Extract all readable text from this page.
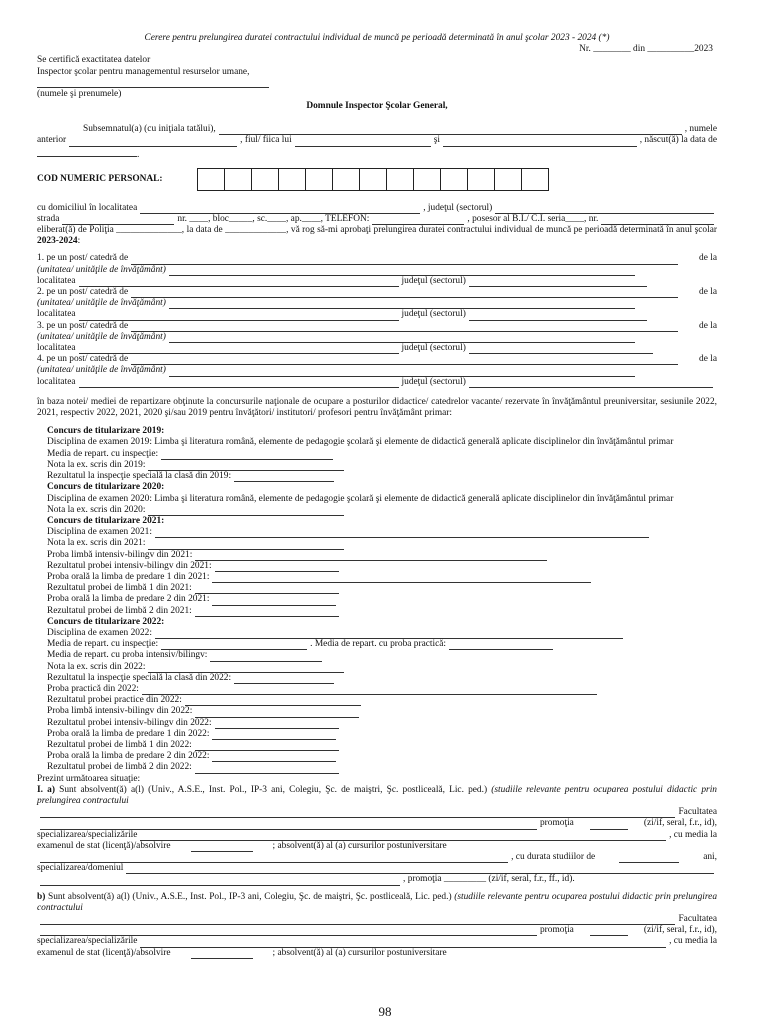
Cerere pentru prelungirea duratei contractului individual de muncă pe perioadă determinată în anul şcolar 2023 - 2024 (*)
Nr. ________ din __________2023
Se certifică exactitatea datelor
Inspector şcolar pentru managementul resurselor umane,
(numele şi prenumele)
Domnule Inspector Şcolar General,
Subsemnatul(a) (cu iniţiala tatălui),	, numele
anterior	, fiul/ fiica lui	şi	, născut(ă) la data de
.
COD NUMERIC PERSONAL:
cu domiciliul în localitatea	, judeţul (sectorul)
strada	nr. ____, bloc_____, sc.____, ap.____, TELEFON:	, posesor al B.I./ C.I. seria____, nr.
eliberat(ă) de Poliţia ______________, la data de _____________, vă rog să-mi aprobaţi prelungirea duratei contractului individual de muncă pe perioadă determinată în anul şcolar 2023-2024:
1. pe un post/ catedră de	de la
(unitatea/ unităţile de învăţământ)
localitatea	judeţul (sectorul)
2. pe un post/ catedră de	de la
(unitatea/ unităţile de învăţământ)
localitatea	judeţul (sectorul)
3. pe un post/ catedră de	de la
(unitatea/ unităţile de învăţământ)
localitatea	judeţul (sectorul)
4. pe un post/ catedră de	de la
(unitatea/ unităţile de învăţământ)
localitatea	judeţul (sectorul)
în baza notei/ mediei de repartizare obţinute la concursurile naţionale de ocupare a posturilor didactice/ catedrelor vacante/ rezervate în învăţământul preuniversitar, sesiunile 2022, 2021, respectiv 2022, 2021, 2020 şi/sau 2019 pentru învăţători/ institutori/ profesori pentru învăţământ primar:
Concurs de titularizare 2019:
Disciplina de examen 2019: Limba şi literatura română, elemente de pedagogie şcolară şi elemente de didactică generală aplicate disciplinelor din învăţământul primar
Media de repart. cu inspecţie:
Nota la ex. scris din 2019:
Rezultatul la inspecţie specială la clasă din 2019:
Concurs de titularizare 2020:
Disciplina de examen 2020: Limba şi literatura română, elemente de pedagogie şcolară şi elemente de didactică generală aplicate disciplinelor din învăţământul primar
Nota la ex. scris din 2020:
Concurs de titularizare 2021:
Disciplina de examen 2021:
Nota la ex. scris din 2021:
Proba limbă intensiv-bilingv din 2021:
Rezultatul probei intensiv-bilingv din 2021:
Proba orală la limba de predare 1 din 2021:
Rezultatul probei de limbă 1 din 2021:
Proba orală la limba de predare 2 din 2021:
Rezultatul probei de limbă 2 din 2021:
Concurs de titularizare 2022:
Disciplina de examen 2022:
Media de repart. cu inspecţie:	. Media de repart. cu proba practică:
Media de repart. cu proba intensiv/bilingv:
Nota la ex. scris din 2022:
Rezultatul la inspecţie specială la clasă din 2022:
Proba practică din 2022:
Rezultatul probei practice din 2022:
Proba limbă intensiv-bilingv din 2022:
Rezultatul probei intensiv-bilingv din 2022:
Proba orală la limba de predare 1 din 2022:
Rezultatul probei de limbă 1 din 2022:
Proba orală la limba de predare 2 din 2022:
Rezultatul probei de limbă 2 din 2022:
Prezint următoarea situaţie:
I. a) Sunt absolvent(ă) a(l) (Univ., A.S.E., Inst. Pol., IP-3 ani, Colegiu, Şc. de maiştri, Şc. postliceală, Lic. ped.) (studiile relevante pentru ocuparea postului didactic prin prelungirea contractului
Facultatea
promoţia	(zi/if, seral, f.r., id),
specializarea/specializările	, cu media la
examenul de stat (licenţă)/absolvire	; absolvent(ă) al (a) cursurilor postuniversitare
, cu durata studiilor de	ani,
specializarea/domeniul
, promoţia _________ (zi/if, seral, f.r., ff., id).
b) Sunt absolvent(ă) a(l) (Univ., A.S.E., Inst. Pol., IP-3 ani, Colegiu, Şc. de maiştri, Şc. postliceală, Lic. ped.) (studiile relevante pentru ocuparea postului didactic prin prelungirea contractului
Facultatea
promoţia	(zi/if, seral, f.r., id),
specializarea/specializările	, cu media la
examenul de stat (licenţă)/absolvire	; absolvent(ă) al (a) cursurilor postuniversitare
98
